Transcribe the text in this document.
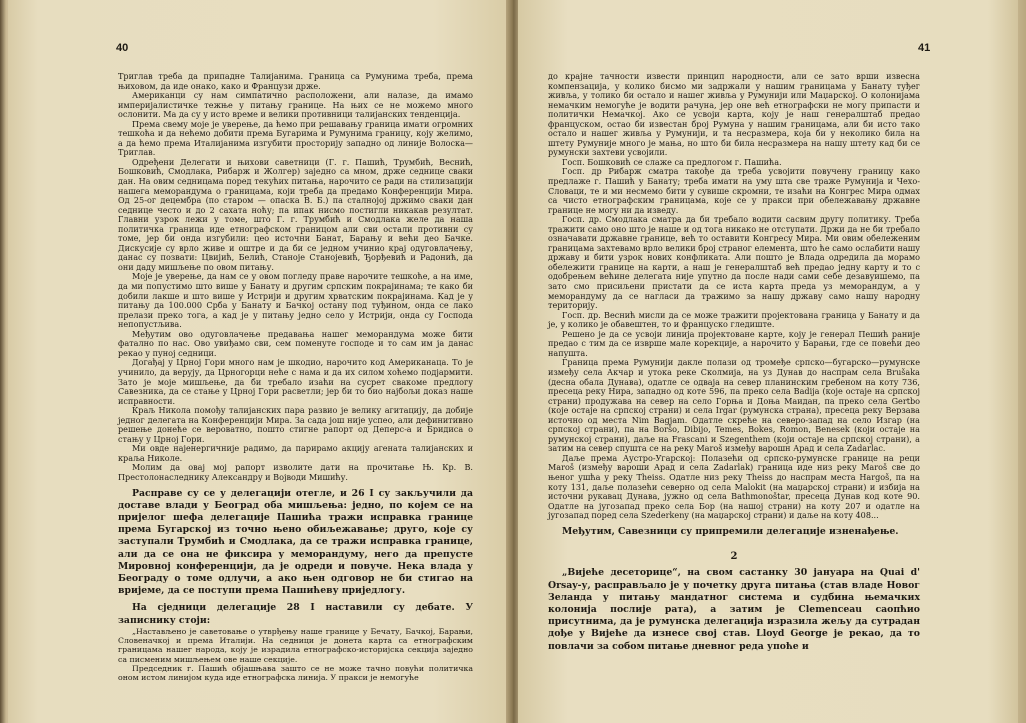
40

Триглав треба да припадне Талијанима. Граница са Румунима треба, према њиховом, да иде онако, како и Французи држе.

Американци су нам симпатично расположени, али налазе, да имамо империјалистичке тежње у питању границе. На њих се не можемо много ослонити. Ма да су у исто време и велики противници талијанских тенденција.

Према свему моје је уверење, да ћемо при решавању граница имати огромних тешкоћа и да нећемо добити према Бугарима и Румунима границу, коју желимо, а да ћемо према Италијанима изгубити просторију западно од линије Волоска—Триглав.

Одређени Делегати и њихови саветници (Г. г. Пашић, Трумбић, Веснић, Бошковић, Смодлака, Рибарж и Жолгер) заједно са мном, држе седнице сваки дан. На овим седницама поред текућих питања, нарочито се ради на стилизацији нашега меморандума о границама, који треба да предамо Конференцији Мира. Од 25-ог децембра (по старом — опаска В. Б.) па сталнојој држимо сваки дан седнице често и до 2 сахата ноћу; па ипак нисмо постигли никакав резултат. Главни узрок лежи у томе, што Г. г. Трумбић и Смодлака желе да наша политичка граница иде етнографском границом али сви остали противни су томе, јер би онда изгубили: цео источни Банат, Барању и већи део Бачке. Дискусије су врло живе и оштре и да би се једном учинио крај одуговлачењу, данас су позвати: Цвијић, Белић, Станоје Станојевић, Ђорђевић и Радонић, да они даду мишљење по овом питању.

Моје је уверење, да нам се у овом погледу праве нарочите тешкоће, а на име, да ми попустимо што више у Банату и другим српским покрајинама; те како би добили лакше и што више у Истрији и другим хрватским покрајинама. Кад је у питању да 100.000 Срба у Банату и Бачкој остану под туђином, онда се лако прелази преко тога, а кад је у питању једно село у Истрији, онда су Господа непопустљива.

Међутим ово одуговлачење предавања нашег меморандума може бити фатално по нас. Ово увиђамо сви, сем поменуте господе и то сам им ја данас рекао у пуној седници.

Догађај у Црној Гори много нам је шкодио, нарочито код Американаца. То је учинило, да верују, да Црногорци неће с нама и да их силом хоћемо подјармити. Зато је моје мишљење, да би требало изаћи на сусрет свакоме предлогу Савезника, да се стање у Црној Гори расветли; јер би то био најбољи доказ наше исправности.

Краљ Никола помођу талијанских пара развио је велику агитацију, да добије једног делегата на Конференцији Мира. За сада још није успео, али дефинитивно решење донеће се вероватно, пошто стигне рапорт од Деперс-а и Бридиса о стању у Црној Гори.

Ми овде најенергичније радимо, да парирамо акцију агената талијанских и краља Николе.

Молим да овај мој рапорт изволите дати на прочитање Њ. Кр. В. Престолонаследнику Александру и Војводи Мишићу.

Расправе су се у делегацији отегле, и 26 I су закључили да доставе влади у Београд оба мишљења: једно, по којем се на пријелог шефа делегације Пашића тражи исправка границе према Бугарској из точно њено обиљежавање; друго, које су заступали Трумбић и Смодлака, да се тражи исправка границе, али да се она не фиксира у меморандуму, него да препусте Мировној конференцији, да је одреди и повуче. Нека влада у Београду о томе одлучи, а ако њен одговор не би стигао на вријеме, да се поступи према Пашићеву приједлогу.

На сједници делегације 28 I наставили су дебате. У записнику стоји:

„Настављено је саветовање о утврђењу наше границе у Бечату, Бачкој, Барањи, Словеначкој и према Италији. На седници је донета карта са етнографским границама нашег народа, коју је израдила етнографско-историјска секција заједно са писменим мишљењем ове наше секције.

Председник г. Пашић објашњава зашто се не може тачно повући политичка оном истом линијом куда иде етнографска линија. У пракси је немогуће

41

до крајне тачности извести принцип народности, али се зато врши извесна компензација, у колико бисмо ми задржали у нашим границама у Банату туђег живља, у толико би остало и нашег живља у Румунији или Маџарској. О колонијама немачким немогуће је водити рачуна, јер оне већ етнографски не могу припасти и политички Немачкој. Ако се усвоји карта, коју је наш генералштаб предао француском, остао би известан број Румуна у нашим границама, али би исто тако остало и нашег живља у Румунији, и та несразмера, која би у неколико била на штету Румуније много је мања, но што би била несразмера на нашу штету кад би се румунски захтеви усвојили.

Госп. Бошковић се слаже са предлогом г. Пашића.

Госп. др Рибарж сматра такође да треба усвојити повучену границу како предлаже г. Пашић у Банату; треба имати на уму шта све траже Румунија и Чехо-Словаци, те и ми несмемо бити у сувише скромни, те изаћи на Конгрес Мира одмах са чисто етнографским границама, које се у пракси при обележавању државне границе не могу ни да изведу.

Госп. др. Смодлака сматра да би требало водити сасвим другу политику. Треба тражити само оно што је наше и од тога никако не отступати. Држи да не би требало означавати државне границе, већ то оставити Конгресу Мира. Ми овим обележеним границама захтевамо врло велики број страног елемента, што ће само ослабити нашу државу и бити узрок нових конфликата. Али пошто је Влада одредила да морамо обележити границе на карти, а наш је генералштаб већ предао једну карту и то с одобрењем већине делегата није упутно да после нади сами себе дезавуишемо, па зато смо присиљени пристати да се иста карта преда уз меморандум, а у меморандуму да се нагласи да тражимо за нашу државу само нашу народну територију.

Госп. др. Веснић мисли да се може тражити пројектована граница у Банату и да је, у колико је обавештен, то и француско гледиште.

Решено је да се усвоји линија пројектоване карте, коју је генерал Пешић раније предао с тим да се изврше мале корекције, а нарочито у Барањи, где се повећи део напушта.

Граница према Румунији дакле полази од тромеђе српско—бугарско—румунске између села Акчар и утока реке Сколмија, на уз Дунав до наспрам села Brušaka (десна обала Дунава), одатле се одваја на север планинским гребеном на коту 736, пресеца реку Нира, западно од коте 596, па преко села Badija (које остаје на српској страни) продужава на север на село Горња и Доња Маидан, па преко села Gertbo (које остаје на српској страни) и села Irgar (румунска страна), пресеца реку Верзава источно од места Nim Bagjam. Одатле скреће на северо-запад на село Изгар (на српској страни), па на Boršo, Dibijo, Temes, Bokes, Romon, Benesek (који остаје на румунској страни), даље на Frascani и Szegenthem (који остаје на српској страни), а затим на север спушта се на реку Maroš између варошн Арад и села Zadarlac.

Даље према Аустро-Угарској: Полазећи од српско-румунске границе на реци Maroš (између вароши Арад и села Zadarlak) граница иде низ реку Maroš све до њеног ушћа у реку Theiss. Одатле низ реку Theiss до наспрам места Hargoš, па на коту 131, даље полазећи северно од села Malokit (на маџарској страни) и избија на источни рукавац Дунава, јужно од села Bathmonoštar, пресеца Дунав код коте 90. Одатле на југозапад преко села Бор (на нашој страни) на коту 207 и одатле на југозапад поред села Szederkeny (на маџарској страни) и даље на коту 408...

Међутим, Савезници су припремили делегације изненађење.

2

„Вијеће десеторице“, на свом састанку 30 јануара на Quai d' Orsay-у, расправљало је у почетку друга питања (став владе Новог Зеланда у питању мандатног система и судбина њемачких колонија послије рата), а затим је Clemenceau саопћио присутнима, да је румунска делегација изразила жељу да сутрадан дође у Вијеће да изнесе свој став. Lloyd George је рекао, да то повлачи за собом питање дневног реда упоће и
